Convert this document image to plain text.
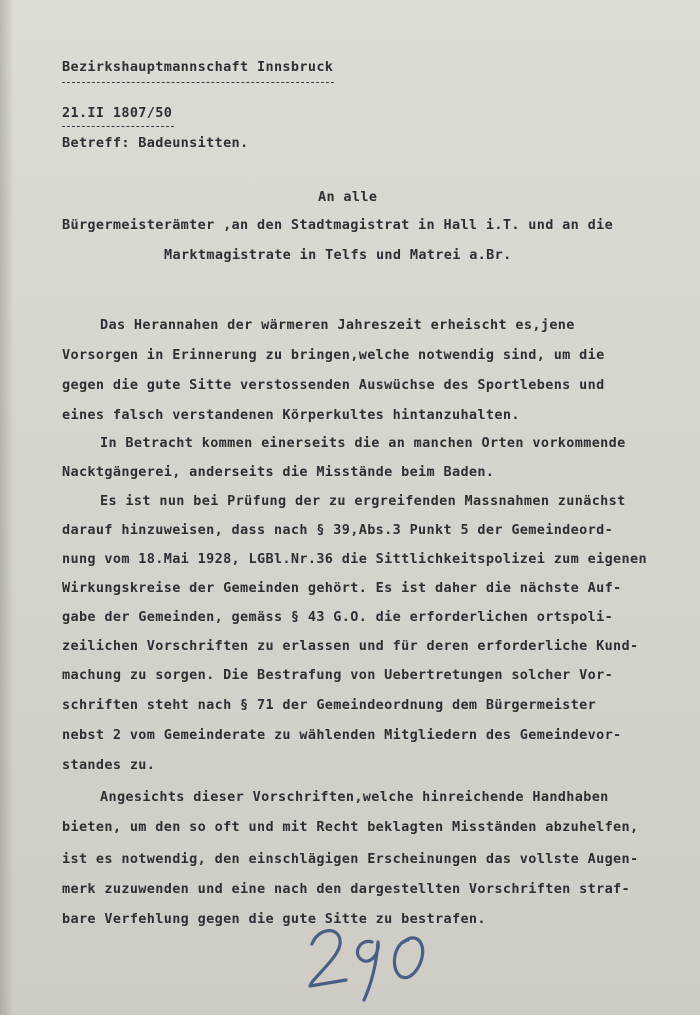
Bezirkshauptmannschaft Innsbruck
21.II 1807/50
Betreff: Badeunsitten.
An alle
Bürgermeisterämter ,an den Stadtmagistrat in Hall i.T. und an die
Marktmagistrate in Telfs und Matrei a.Br.
Das Herannahen der wärmeren Jahreszeit erheischt es,jene
Vorsorgen in Erinnerung zu bringen,welche notwendig sind, um die
gegen die gute Sitte verstossenden Auswüchse des Sportlebens und
eines falsch verstandenen Körperkultes hintanzuhalten.
In Betracht kommen einerseits die an manchen Orten vorkommende
Nacktgängerei, anderseits die Misstände beim Baden.
Es ist nun bei Prüfung der zu ergreifenden Massnahmen zunächst
darauf hinzuweisen, dass nach § 39,Abs.3 Punkt 5 der Gemeindeord-
nung vom 18.Mai 1928, LGBl.Nr.36 die Sittlichkeitspolizei zum eigenen
Wirkungskreise der Gemeinden gehört. Es ist daher die nächste Auf-
gabe der Gemeinden, gemäss § 43 G.O. die erforderlichen ortspoli-
zeilichen Vorschriften zu erlassen und für deren erforderliche Kund-
machung zu sorgen. Die Bestrafung von Uebertretungen solcher Vor-
schriften steht nach § 71 der Gemeindeordnung dem Bürgermeister
nebst 2 vom Gemeinderate zu wählenden Mitgliedern des Gemeindevor-
standes zu.
Angesichts dieser Vorschriften,welche hinreichende Handhaben
bieten, um den so oft und mit Recht beklagten Misständen abzuhelfen,
ist es notwendig, den einschlägigen Erscheinungen das vollste Augen-
merk zuzuwenden und eine nach den dargestellten Vorschriften straf-
bare Verfehlung gegen die gute Sitte zu bestrafen.
